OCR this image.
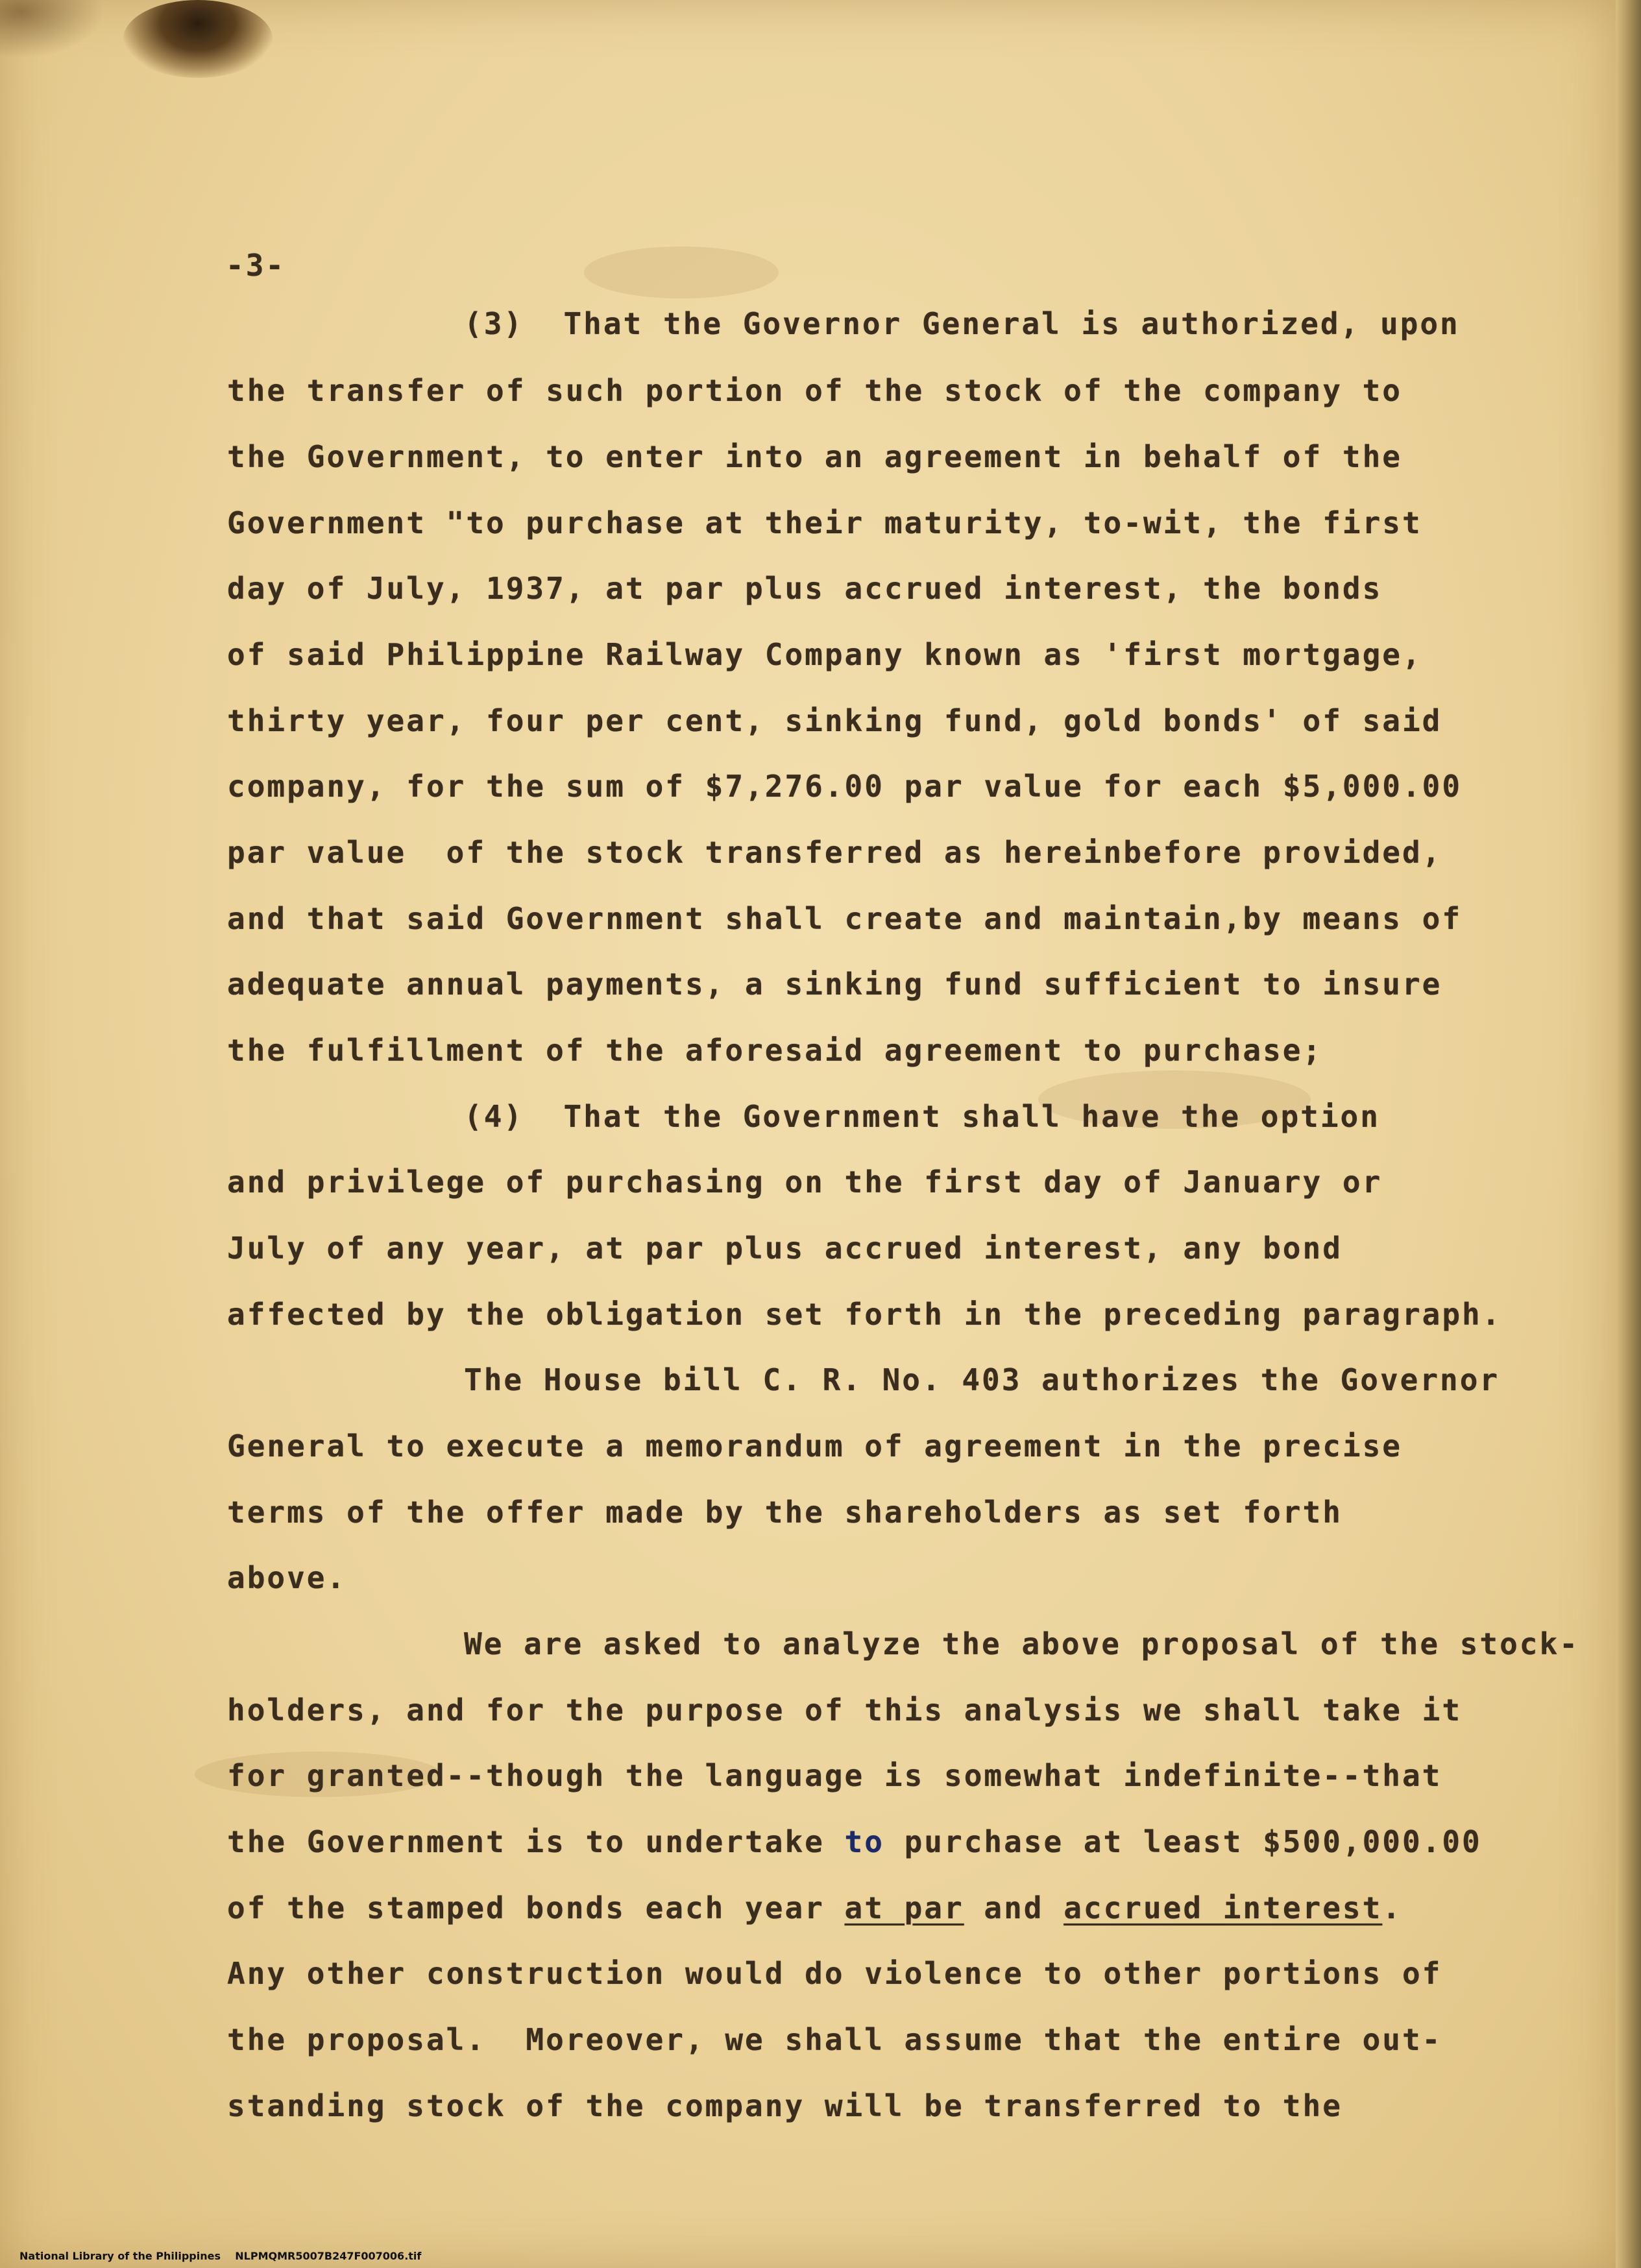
-3-
(3)  That the Governor General is authorized, upon
the transfer of such portion of the stock of the company to
the Government, to enter into an agreement in behalf of the
Government "to purchase at their maturity, to-wit, the first
day of July, 1937, at par plus accrued interest, the bonds
of said Philippine Railway Company known as 'first mortgage,
thirty year, four per cent, sinking fund, gold bonds' of said
company, for the sum of $7,276.00 par value for each $5,000.00
par value  of the stock transferred as hereinbefore provided,
and that said Government shall create and maintain,by means of
adequate annual payments, a sinking fund sufficient to insure
the fulfillment of the aforesaid agreement to purchase;
(4)  That the Government shall have the option
and privilege of purchasing on the first day of January or
July of any year, at par plus accrued interest, any bond
affected by the obligation set forth in the preceding paragraph.
The House bill C. R. No. 403 authorizes the Governor
General to execute a memorandum of agreement in the precise
terms of the offer made by the shareholders as set forth
above.
We are asked to analyze the above proposal of the stock-
holders, and for the purpose of this analysis we shall take it
for granted--though the language is somewhat indefinite--that
the Government is to undertake to purchase at least $500,000.00
of the stamped bonds each year at par and accrued interest.
Any other construction would do violence to other portions of
the proposal.  Moreover, we shall assume that the entire out-
standing stock of the company will be transferred to the
National Library of the Philippines    NLPMQMR5007B247F007006.tif
